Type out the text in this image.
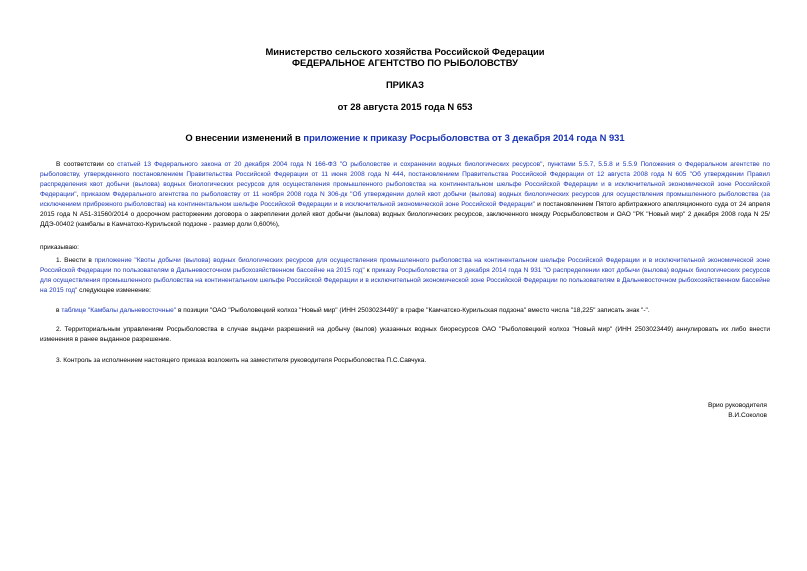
Министерство сельского хозяйства Российской Федерации
ФЕДЕРАЛЬНОЕ АГЕНТСТВО ПО РЫБОЛОВСТВУ
ПРИКАЗ
от 28 августа 2015 года N 653
О внесении изменений в приложение к приказу Росрыболовства от 3 декабря 2014 года N 931
В соответствии со статьей 13 Федерального закона от 20 декабря 2004 года N 166-ФЗ "О рыболовстве и сохранении водных биологических ресурсов", пунктами 5.5.7, 5.5.8 и 5.5.9 Положения о Федеральном агентстве по рыболовству, утвержденного постановлением Правительства Российской Федерации от 11 июня 2008 года N 444, постановлением Правительства Российской Федерации от 12 августа 2008 года N 605 "Об утверждении Правил распределения квот добычи (вылова) водных биологических ресурсов для осуществления промышленного рыболовства на континентальном шельфе Российской Федерации и в исключительной экономической зоне Российской Федерации", приказом Федерального агентства по рыболовству от 11 ноября 2008 года N 306-дк "Об утверждении долей квот добычи (вылова) водных биологических ресурсов для осуществления промышленного рыболовства (за исключением прибрежного рыболовства) на континентальном шельфе Российской Федерации и в исключительной экономической зоне Российской Федерации" и постановлением Пятого арбитражного апелляционного суда от 24 апреля 2015 года N А51-31560/2014 о досрочном расторжении договора о закреплении долей квот добычи (вылова) водных биологических ресурсов, заключенного между Росрыболовством и ОАО "РК "Новый мир" 2 декабря 2008 года N 25/ДДЭ-00402 (камбалы в Камчатско-Курильской подзоне - размер доли 0,600%),
приказываю:
1. Внести в приложение "Квоты добычи (вылова) водных биологических ресурсов для осуществления промышленного рыболовства на континентальном шельфе Российской Федерации и в исключительной экономической зоне Российской Федерации по пользователям в Дальневосточном рыбохозяйственном бассейне на 2015 год" к приказу Росрыболовства от 3 декабря 2014 года N 931 "О распределении квот добычи (вылова) водных биологических ресурсов для осуществления промышленного рыболовства на континентальном шельфе Российской Федерации и в исключительной экономической зоне Российской Федерации по пользователям в Дальневосточном рыбохозяйственном бассейне на 2015 год" следующее изменение:
в таблице "Камбалы дальневосточные" в позиции "ОАО "Рыболовецкий колхоз "Новый мир" (ИНН 2503023449)" в графе "Камчатско-Курильская подзона" вместо числа "18,225" записать знак "-".
2. Территориальным управлениям Росрыболовства в случае выдачи разрешений на добычу (вылов) указанных водных биоресурсов ОАО "Рыболовецкий колхоз "Новый мир" (ИНН 2503023449) аннулировать их либо внести изменения в ранее выданное разрешение.
3. Контроль за исполнением настоящего приказа возложить на заместителя руководителя Росрыболовства П.С.Савчука.
Врио руководителя
В.И.Соколов
